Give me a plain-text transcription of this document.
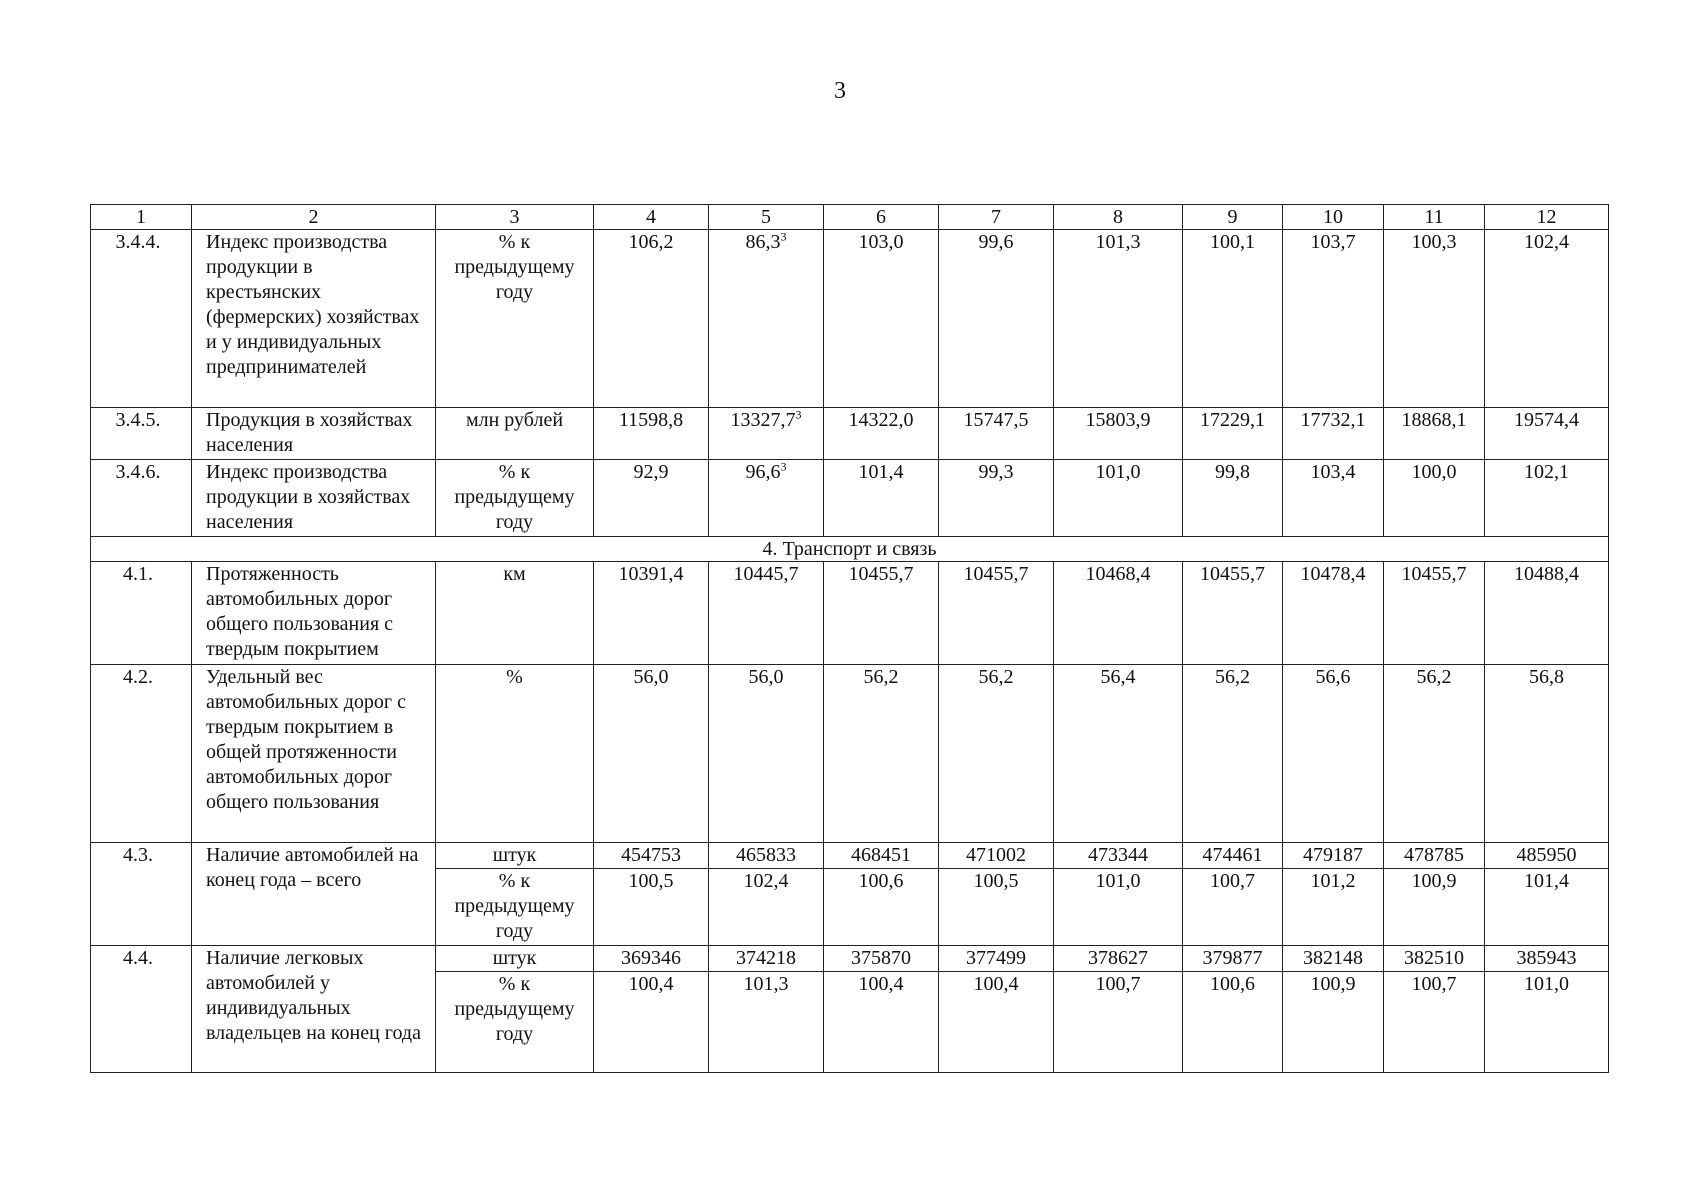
3
1	2	3	4	5	6	7	8	9	10	11	12
3.4.4.	Индекс производства продукции в крестьянских (фермерских) хозяйствах и у индивидуальных предпринимателей	% к предыдущему году	106,2	86,3$^3$	103,0	99,6	101,3	100,1	103,7	100,3	102,4
3.4.5.	Продукция в хозяйствах населения	млн рублей	11598,8	13327,7$^3$	14322,0	15747,5	15803,9	17229,1	17732,1	18868,1	19574,4
3.4.6.	Индекс производства продукции в хозяйствах населения	% к предыдущему году	92,9	96,6$^3$	101,4	99,3	101,0	99,8	103,4	100,0	102,1
4. Транспорт и связь											
4.1.	Протяженность автомобильных дорог общего пользования с твердым покрытием	км	10391,4	10445,7	10455,7	10455,7	10468,4	10455,7	10478,4	10455,7	10488,4
4.2.	Удельный вес автомобильных дорог с твердым покрытием в общей протяженности автомобильных дорог общего пользования	%	56,0	56,0	56,2	56,2	56,4	56,2	56,6	56,2	56,8
4.3.	Наличие автомобилей на конец года – всего	штук	454753	465833	468451	471002	473344	474461	479187	478785	485950
		% к предыдущему году	100,5	102,4	100,6	100,5	101,0	100,7	101,2	100,9	101,4
4.4.	Наличие легковых автомобилей у индивидуальных владельцев на конец года	штук	369346	374218	375870	377499	378627	379877	382148	382510	385943
		% к предыдущему году	100,4	101,3	100,4	100,4	100,7	100,6	100,9	100,7	101,0
